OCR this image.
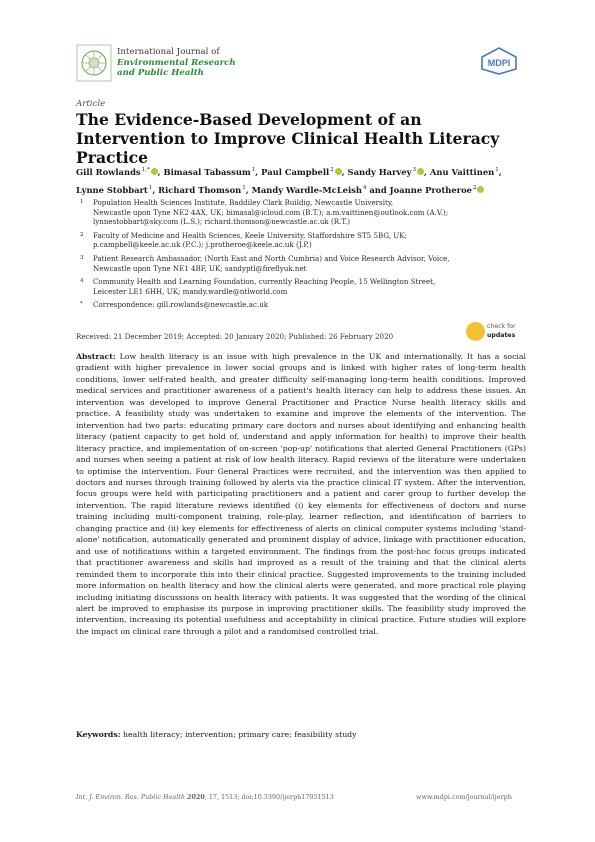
International Journal of
Environmental Research
and Public Health
MDPI
Article
The Evidence-Based Development of an Intervention to Improve Clinical Health Literacy Practice
Gill Rowlands$^{1,*}$ , Bimasal Tabassum$^1$, Paul Campbell$^2$ , Sandy Harvey$^3$ , Anu Vaittinen$^1$, Lynne Stobbart$^1$, Richard Thomson$^1$, Mandy Wardle-McLeish$^4$ and Joanne Protheroe$^2$
1 Population Health Sciences Institute, Baddiley Clark Buildig, Newcastle University,
Newcastle upon Tyne NE2 4AX, UK; bimasal@icloud.com (B.T.); a.m.vaittinen@outlook.com (A.V.);
lynnestobbart@sky.com (L.S.); richard.thomson@newcastle.ac.uk (R.T.)
2 Faculty of Medicine and Health Sciences, Keele University, Staffordshire ST5 5BG, UK;
p.campbell@keele.ac.uk (P.C.); j.protheroe@keele.ac.uk (J.P.)
3 Patient Research Ambassador, (North East and North Cumbria) and Voice Research Advisor, Voice,
Newcastle upon Tyne NE1 4BF, UK; sandyptl@fireflyuk.net
4 Community Health and Learning Foundation, currently Reaching People, 15 Wellington Street,
Leicester LE1 6HH, UK; mandy.wardle@ntlworld.com
* Correspondence: gill.rowlands@newcastle.ac.uk
Received: 21 December 2019; Accepted: 20 January 2020; Published: 26 February 2020
check for
updates
Abstract: Low health literacy is an issue with high prevalence in the UK and internationally. It has a social gradient with higher prevalence in lower social groups and is linked with higher rates of long-term health conditions, lower self-rated health, and greater difficulty self-managing long-term health conditions. Improved medical services and practitioner awareness of a patient's health literacy can help to address these issues. An intervention was developed to improve General Practitioner and Practice Nurse health literacy skills and practice. A feasibility study was undertaken to examine and improve the elements of the intervention. The intervention had two parts: educating primary care doctors and nurses about identifying and enhancing health literacy (patient capacity to get hold of, understand and apply information for health) to improve their health literacy practice, and implementation of on-screen 'pop-up' notifications that alerted General Practitioners (GPs) and nurses when seeing a patient at risk of low health literacy. Rapid reviews of the literature were undertaken to optimise the intervention. Four General Practices were recruited, and the intervention was then applied to doctors and nurses through training followed by alerts via the practice clinical IT system. After the intervention, focus groups were held with participating practitioners and a patient and carer group to further develop the intervention. The rapid literature reviews identified (i) key elements for effectiveness of doctors and nurse training including multi-component training, role-play, learner reflection, and identification of barriers to changing practice and (ii) key elements for effectiveness of alerts on clinical computer systems including 'stand-alone' notification, automatically generated and prominent display of advice, linkage with practitioner education, and use of notifications within a targeted environment. The findings from the post-hoc focus groups indicated that practitioner awareness and skills had improved as a result of the training and that the clinical alerts reminded them to incorporate this into their clinical practice. Suggested improvements to the training included more information on health literacy and how the clinical alerts were generated, and more practical role playing including initiating discussions on health literacy with patients. It was suggested that the wording of the clinical alert be improved to emphasise its purpose in improving practitioner skills. The feasibility study improved the intervention, increasing its potential usefulness and acceptability in clinical practice. Future studies will explore the impact on clinical care through a pilot and a randomised controlled trial.
Keywords: health literacy; intervention; primary care; feasibility study
Int. J. Environ. Res. Public Health 2020, 17, 1513; doi:10.3390/ijerph17051513	www.mdpi.com/journal/ijerph
